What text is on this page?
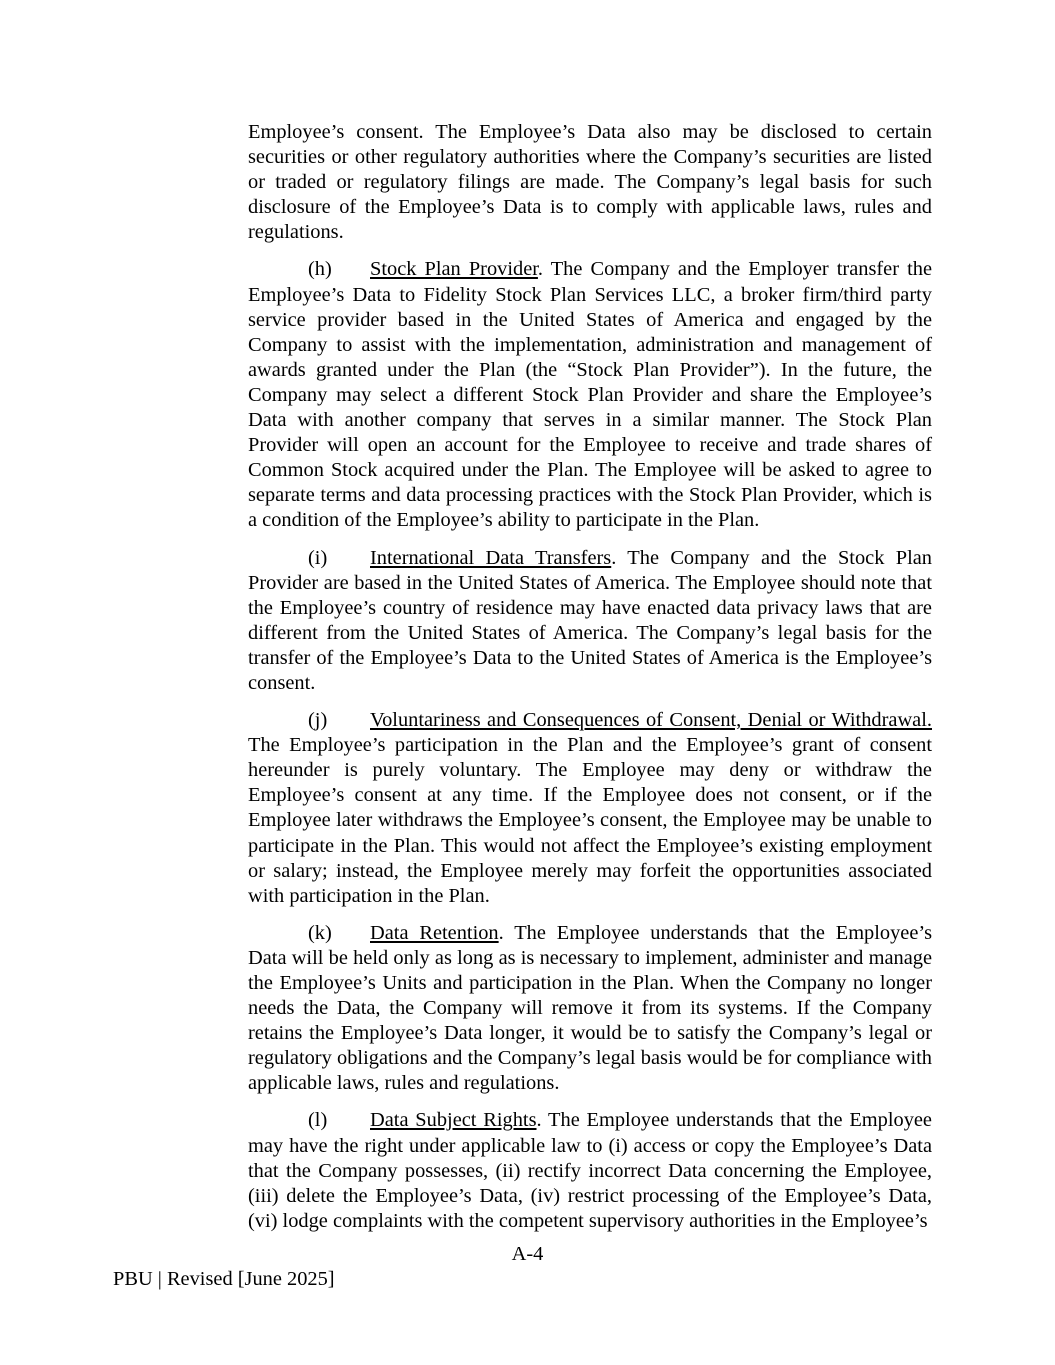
Employee’s consent. The Employee’s Data also may be disclosed to certain securities or other regulatory authorities where the Company’s securities are listed or traded or regulatory filings are made. The Company’s legal basis for such disclosure of the Employee’s Data is to comply with applicable laws, rules and regulations.

(h) Stock Plan Provider. The Company and the Employer transfer the Employee’s Data to Fidelity Stock Plan Services LLC, a broker firm/third party service provider based in the United States of America and engaged by the Company to assist with the implementation, administration and management of awards granted under the Plan (the “Stock Plan Provider”). In the future, the Company may select a different Stock Plan Provider and share the Employee’s Data with another company that serves in a similar manner. The Stock Plan Provider will open an account for the Employee to receive and trade shares of Common Stock acquired under the Plan. The Employee will be asked to agree to separate terms and data processing practices with the Stock Plan Provider, which is a condition of the Employee’s ability to participate in the Plan.

(i) International Data Transfers. The Company and the Stock Plan Provider are based in the United States of America. The Employee should note that the Employee’s country of residence may have enacted data privacy laws that are different from the United States of America. The Company’s legal basis for the transfer of the Employee’s Data to the United States of America is the Employee’s consent.

(j) Voluntariness and Consequences of Consent, Denial or Withdrawal. The Employee’s participation in the Plan and the Employee’s grant of consent hereunder is purely voluntary. The Employee may deny or withdraw the Employee’s consent at any time. If the Employee does not consent, or if the Employee later withdraws the Employee’s consent, the Employee may be unable to participate in the Plan. This would not affect the Employee’s existing employment or salary; instead, the Employee merely may forfeit the opportunities associated with participation in the Plan.

(k) Data Retention. The Employee understands that the Employee’s Data will be held only as long as is necessary to implement, administer and manage the Employee’s Units and participation in the Plan. When the Company no longer needs the Data, the Company will remove it from its systems. If the Company retains the Employee’s Data longer, it would be to satisfy the Company’s legal or regulatory obligations and the Company’s legal basis would be for compliance with applicable laws, rules and regulations.

(l) Data Subject Rights. The Employee understands that the Employee may have the right under applicable law to (i) access or copy the Employee’s Data that the Company possesses, (ii) rectify incorrect Data concerning the Employee, (iii) delete the Employee’s Data, (iv) restrict processing of the Employee’s Data, (vi) lodge complaints with the competent supervisory authorities in the Employee’s

A-4
PBU | Revised [June 2025]
